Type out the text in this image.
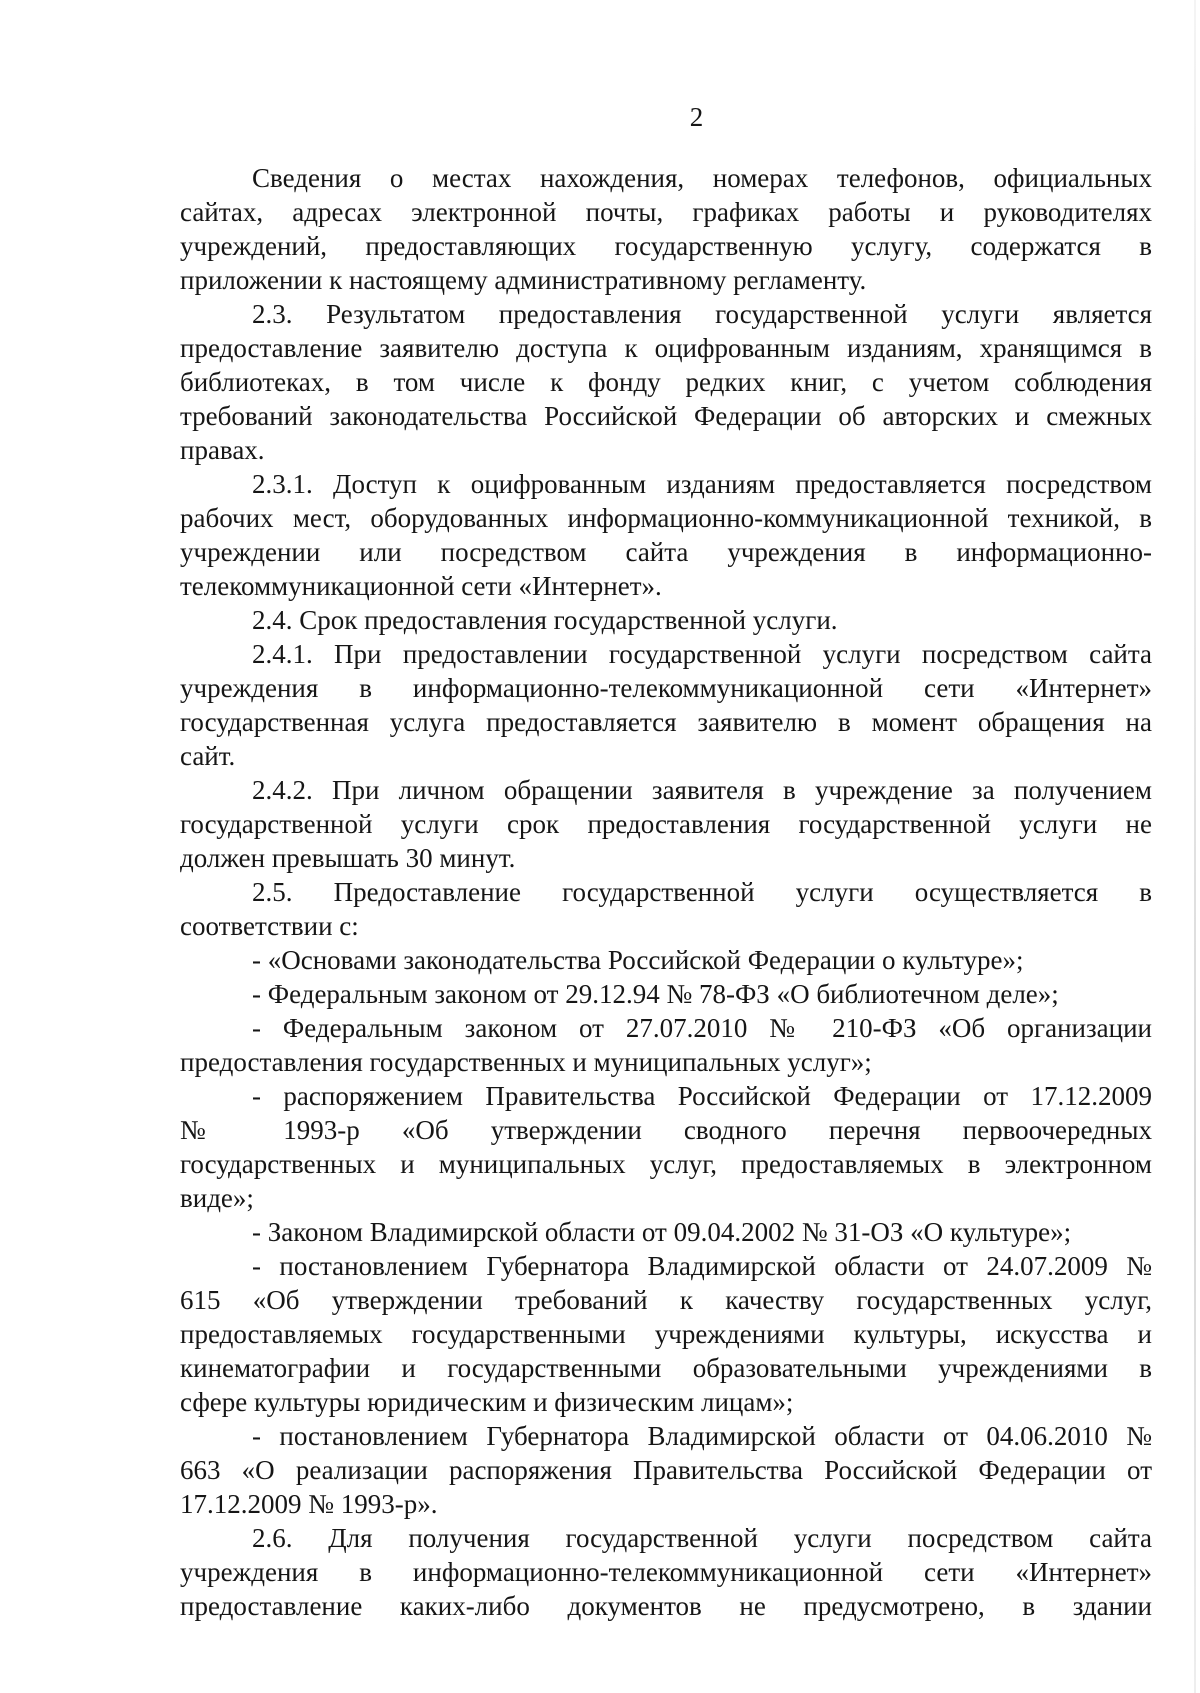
2
Сведения о местах нахождения, номерах телефонов, официальных
сайтах, адресах электронной почты, графиках работы и руководителях
учреждений, предоставляющих государственную услугу, содержатся в
приложении к настоящему административному регламенту.
2.3. Результатом предоставления государственной услуги является
предоставление заявителю доступа к оцифрованным изданиям, хранящимся в
библиотеках, в том числе к фонду редких книг, с учетом соблюдения
требований законодательства Российской Федерации об авторских и смежных
правах.
2.3.1. Доступ к оцифрованным изданиям предоставляется посредством
рабочих мест, оборудованных информационно-коммуникационной техникой, в
учреждении или посредством сайта учреждения в информационно-
телекоммуникационной сети «Интернет».
2.4. Срок предоставления государственной услуги.
2.4.1. При предоставлении государственной услуги посредством сайта
учреждения в информационно-телекоммуникационной сети «Интернет»
государственная услуга предоставляется заявителю в момент обращения на
сайт.
2.4.2. При личном обращении заявителя в учреждение за получением
государственной услуги срок предоставления государственной услуги не
должен превышать 30 минут.
2.5. Предоставление государственной услуги осуществляется в
соответствии с:
- «Основами законодательства Российской Федерации о культуре»;
- Федеральным законом от 29.12.94 № 78-ФЗ «О библиотечном деле»;
- Федеральным законом от 27.07.2010 № 210-ФЗ «Об организации
предоставления государственных и муниципальных услуг»;
- распоряжением Правительства Российской Федерации от 17.12.2009
№ 1993-р «Об утверждении сводного перечня первоочередных
государственных и муниципальных услуг, предоставляемых в электронном
виде»;
- Законом Владимирской области от 09.04.2002 № 31-ОЗ «О культуре»;
- постановлением Губернатора Владимирской области от 24.07.2009 №
615 «Об утверждении требований к качеству государственных услуг,
предоставляемых государственными учреждениями культуры, искусства и
кинематографии и государственными образовательными учреждениями в
сфере культуры юридическим и физическим лицам»;
- постановлением Губернатора Владимирской области от 04.06.2010 №
663 «О реализации распоряжения Правительства Российской Федерации от
17.12.2009 № 1993-р».
2.6. Для получения государственной услуги посредством сайта
учреждения в информационно-телекоммуникационной сети «Интернет»
предоставление каких-либо документов не предусмотрено, в здании
